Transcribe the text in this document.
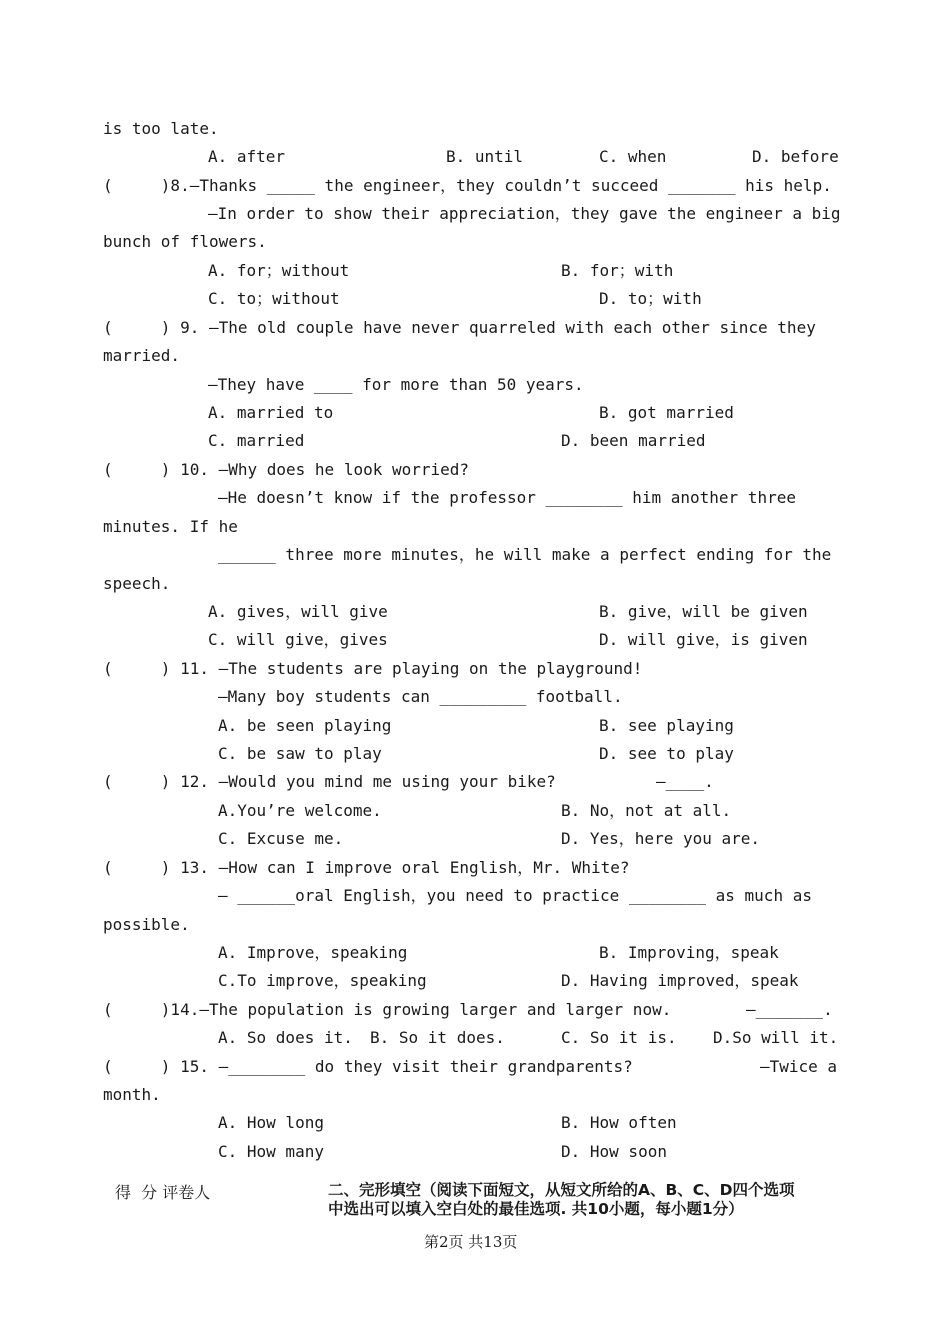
is too late.
A. after	B. until	C. when	D. before
(     )8.—Thanks _____ the engineer，they couldn’t succeed _______ his help.
—In order to show their appreciation，they gave the engineer a big
bunch of flowers.
A. for；without	B. for；with
C. to；without	D. to；with
(     ) 9. —The old couple have never quarreled with each other since they
married.
—They have ____ for more than 50 years.
A. married to	B. got married
C. married	D. been married
(     ) 10. —Why does he look worried?
—He doesn’t know if the professor ________ him another three
minutes. If he
______ three more minutes，he will make a perfect ending for the
speech.
A. gives，will give	B. give，will be given
C. will give，gives	D. will give，is given
(     ) 11. —The students are playing on the playground!
—Many boy students can _________ football.
A. be seen playing	B. see playing
C. be saw to play	D. see to play
(     ) 12. —Would you mind me using your bike?	—____.
A.You’re welcome.	B. No，not at all.
C. Excuse me.	D. Yes，here you are.
(     ) 13. —How can I improve oral English，Mr. White?
— ______oral English，you need to practice ________ as much as
possible.
A. Improve，speaking	B. Improving，speak
C.To improve，speaking	D. Having improved，speak
(     )14.—The population is growing larger and larger now.	—_______.
A. So does it. B. So it does.	C. So it is. D.So will it.
(     ) 15. —________ do they visit their grandparents?	—Twice a
month.
A. How long	B. How often
C. How many	D. How soon
得  分 评卷人	二、完形填空（阅读下面短文，从短文所给的A、B、C、D四个选项
中选出可以填入空白处的最佳选项. 共10小题，每小题1分）
第2页 共13页
